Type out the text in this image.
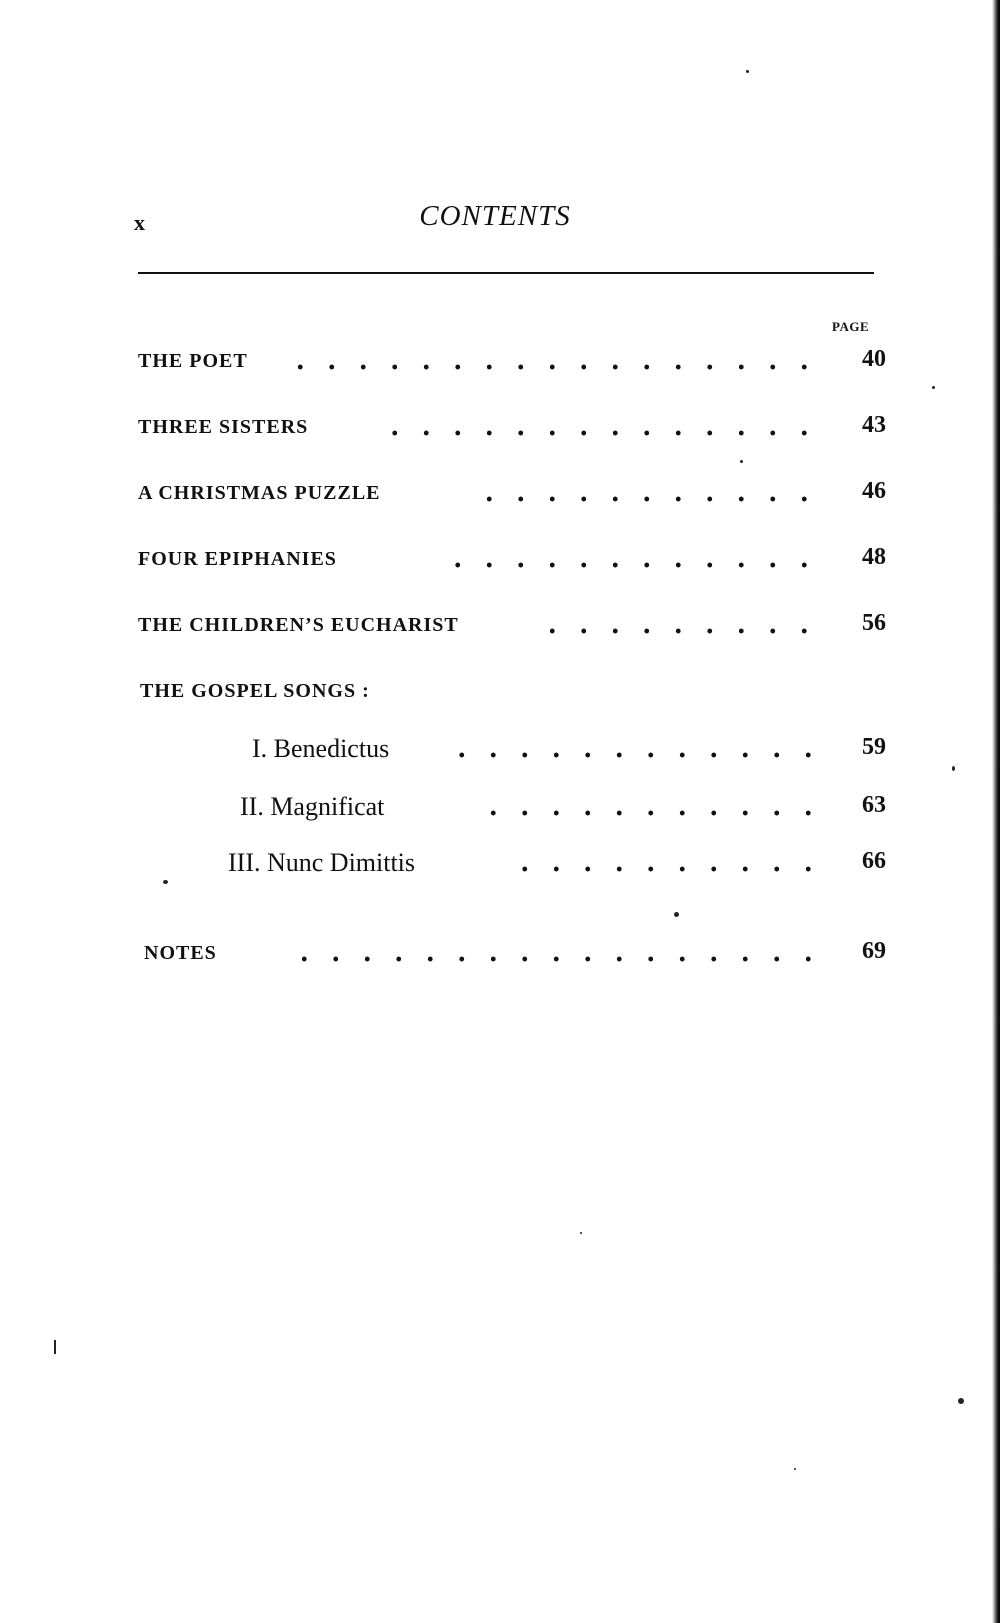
x	CONTENTS
PAGE
THE POET	40
THREE SISTERS	43
A CHRISTMAS PUZZLE	46
FOUR EPIPHANIES	48
THE CHILDREN’S EUCHARIST	56
THE GOSPEL SONGS :
I. Benedictus	59
II. Magnificat	63
III. Nunc Dimittis	66
NOTES	69
